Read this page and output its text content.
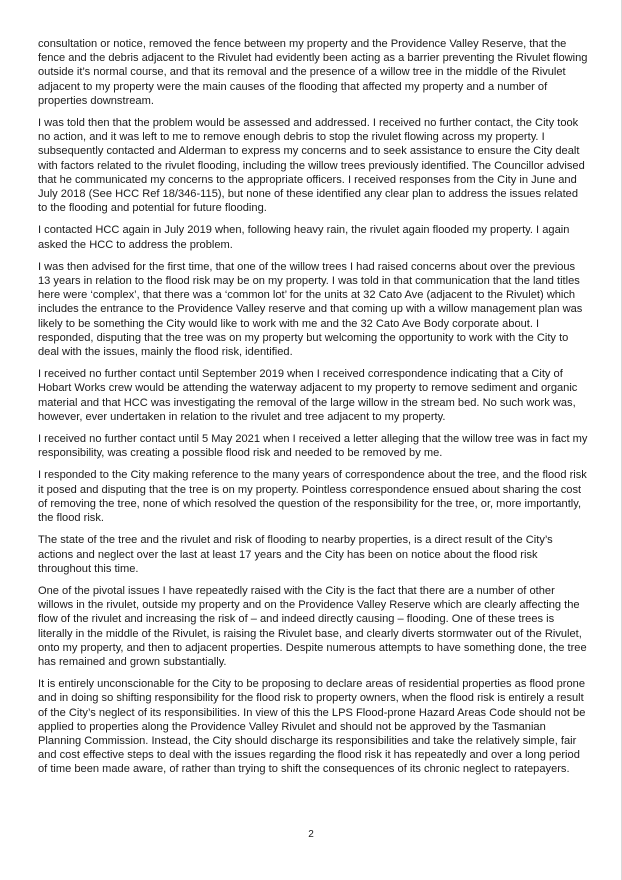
consultation or notice, removed the fence between my property and the Providence Valley Reserve, that the fence and the debris adjacent to the Rivulet had evidently been acting as a barrier preventing the Rivulet flowing outside it’s normal course, and that its removal and the presence of a willow tree in the middle of the Rivulet adjacent to my property were the main causes of the flooding that affected my property and a number of properties downstream.

I was told then that the problem would be assessed and addressed. I received no further contact, the City took no action, and it was left to me to remove enough debris to stop the rivulet flowing across my property. I subsequently contacted and Alderman to express my concerns and to seek assistance to ensure the City dealt with factors related to the rivulet flooding, including the willow trees previously identified. The Councillor advised that he communicated my concerns to the appropriate officers. I received responses from the City in June and July 2018 (See HCC Ref 18/346-115), but none of these identified any clear plan to address the issues related to the flooding and potential for future flooding.

I contacted HCC again in July 2019 when, following heavy rain, the rivulet again flooded my property. I again asked the HCC to address the problem.

I was then advised for the first time, that one of the willow trees I had raised concerns about over the previous 13 years in relation to the flood risk may be on my property. I was told in that communication that the land titles here were ‘complex’, that there was a ‘common lot’ for the units at 32 Cato Ave (adjacent to the Rivulet) which includes the entrance to the Providence Valley reserve and that coming up with a willow management plan was likely to be something the City would like to work with me and the 32 Cato Ave Body corporate about. I responded, disputing that the tree was on my property but welcoming the opportunity to work with the City to deal with the issues, mainly the flood risk, identified.

I received no further contact until September 2019 when I received correspondence indicating that a City of Hobart Works crew would be attending the waterway adjacent to my property to remove sediment and organic material and that HCC was investigating the removal of the large willow in the stream bed. No such work was, however, ever undertaken in relation to the rivulet and tree adjacent to my property.

I received no further contact until 5 May 2021 when I received a letter alleging that the willow tree was in fact my responsibility, was creating a possible flood risk and needed to be removed by me.

I responded to the City making reference to the many years of correspondence about the tree, and the flood risk it posed and disputing that the tree is on my property. Pointless correspondence ensued about sharing the cost of removing the tree, none of which resolved the question of the responsibility for the tree, or, more importantly, the flood risk.

The state of the tree and the rivulet and risk of flooding to nearby properties, is a direct result of the City’s actions and neglect over the last at least 17 years and the City has been on notice about the flood risk throughout this time.

One of the pivotal issues I have repeatedly raised with the City is the fact that there are a number of other willows in the rivulet, outside my property and on the Providence Valley Reserve which are clearly affecting the flow of the rivulet and increasing the risk of – and indeed directly causing – flooding. One of these trees is literally in the middle of the Rivulet, is raising the Rivulet base, and clearly diverts stormwater out of the Rivulet, onto my property, and then to adjacent properties. Despite numerous attempts to have something done, the tree has remained and grown substantially.

It is entirely unconscionable for the City to be proposing to declare areas of residential properties as flood prone and in doing so shifting responsibility for the flood risk to property owners, when the flood risk is entirely a result of the City’s neglect of its responsibilities. In view of this the LPS Flood-prone Hazard Areas Code should not be applied to properties along the Providence Valley Rivulet and should not be approved by the Tasmanian Planning Commission. Instead, the City should discharge its responsibilities and take the relatively simple, fair and cost effective steps to deal with the issues regarding the flood risk it has repeatedly and over a long period of time been made aware, of rather than trying to shift the consequences of its chronic neglect to ratepayers.

2
